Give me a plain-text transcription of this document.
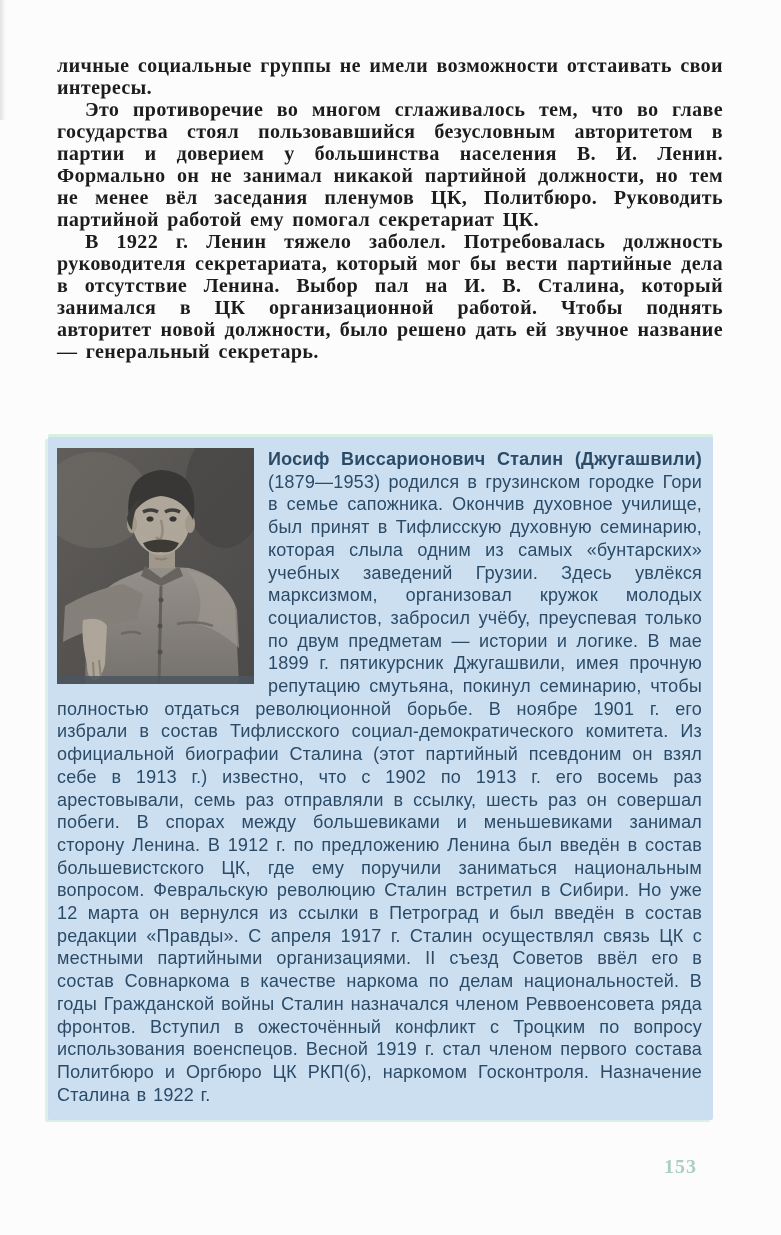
личные социальные группы не имели возможности отстаивать свои интересы.

Это противоречие во многом сглаживалось тем, что во главе государства стоял пользовавшийся безусловным авторитетом в партии и доверием у большинства населения В. И. Ленин. Формально он не занимал никакой партийной должности, но тем не менее вёл заседания пленумов ЦК, Политбюро. Руководить партийной работой ему помогал секретариат ЦК.

В 1922 г. Ленин тяжело заболел. Потребовалась должность руководителя секретариата, который мог бы вести партийные дела в отсутствие Ленина. Выбор пал на И. В. Сталина, который занимался в ЦК организационной работой. Чтобы поднять авторитет новой должности, было решено дать ей звучное название — генеральный секретарь.

Иосиф Виссарионович Сталин (Джугашвили) (1879—1953) родился в грузинском городке Гори в семье сапожника. Окончив духовное училище, был принят в Тифлисскую духовную семинарию, которая слыла одним из самых «бунтарских» учебных заведений Грузии. Здесь увлёкся марксизмом, организовал кружок молодых социалистов, забросил учёбу, преуспевая только по двум предметам — истории и логике. В мае 1899 г. пятикурсник Джугашвили, имея прочную репутацию смутьяна, покинул семинарию, чтобы полностью отдаться революционной борьбе. В ноябре 1901 г. его избрали в состав Тифлисского социал-демократического комитета. Из официальной биографии Сталина (этот партийный псевдоним он взял себе в 1913 г.) известно, что с 1902 по 1913 г. его восемь раз арестовывали, семь раз отправляли в ссылку, шесть раз он совершал побеги. В спорах между большевиками и меньшевиками занимал сторону Ленина. В 1912 г. по предложению Ленина был введён в состав большевистского ЦК, где ему поручили заниматься национальным вопросом. Февральскую революцию Сталин встретил в Сибири. Но уже 12 марта он вернулся из ссылки в Петроград и был введён в состав редакции «Правды». С апреля 1917 г. Сталин осуществлял связь ЦК с местными партийными организациями. II съезд Советов ввёл его в состав Совнаркома в качестве наркома по делам национальностей. В годы Гражданской войны Сталин назначался членом Реввоенсовета ряда фронтов. Вступил в ожесточённый конфликт с Троцким по вопросу использования военспецов. Весной 1919 г. стал членом первого состава Политбюро и Оргбюро ЦК РКП(б), наркомом Госконтроля. Назначение Сталина в 1922 г.

153
